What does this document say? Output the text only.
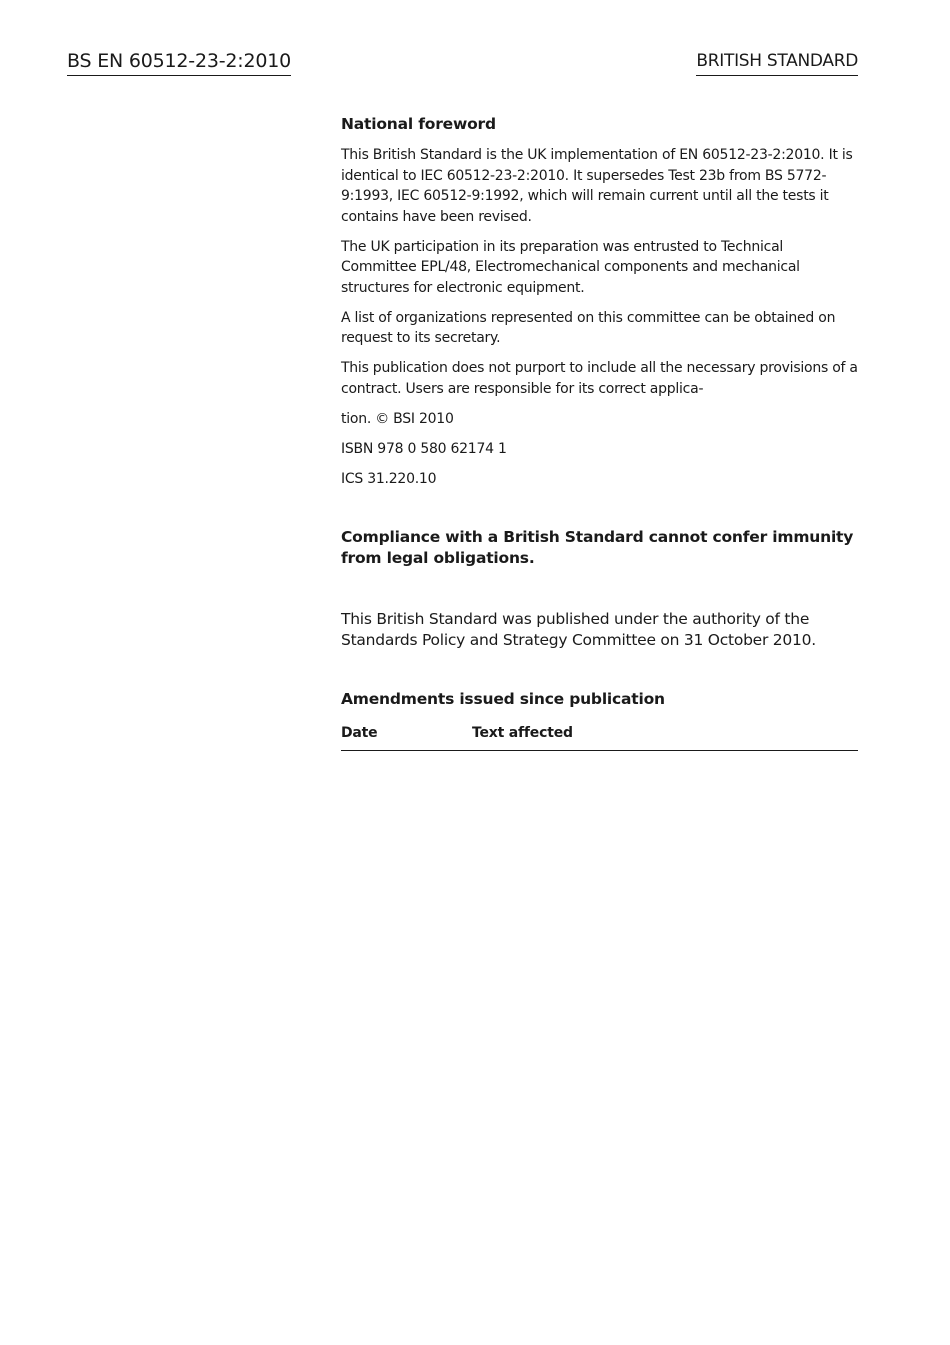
BS EN 60512-23-2:2010	BRITISH STANDARD
National foreword

This British Standard is the UK implementation of EN 60512-23-2:2010. It is identical to IEC 60512-23-2:2010. It supersedes Test 23b from BS 5772-9:1993, IEC 60512-9:1992, which will remain current until all the tests it contains have been revised.

The UK participation in its preparation was entrusted to Technical Committee EPL/48, Electromechanical components and mechanical structures for electronic equipment.

A list of organizations represented on this committee can be obtained on request to its secretary.

This publication does not purport to include all the necessary provisions of a contract. Users are responsible for its correct applica-

tion. © BSI 2010

ISBN 978 0 580 62174 1

ICS 31.220.10

Compliance with a British Standard cannot confer immunity from legal obligations.
This British Standard was published under the authority of the Standards Policy and Strategy Committee on 31 October 2010.
Amendments issued since publication
Date	Text affected
